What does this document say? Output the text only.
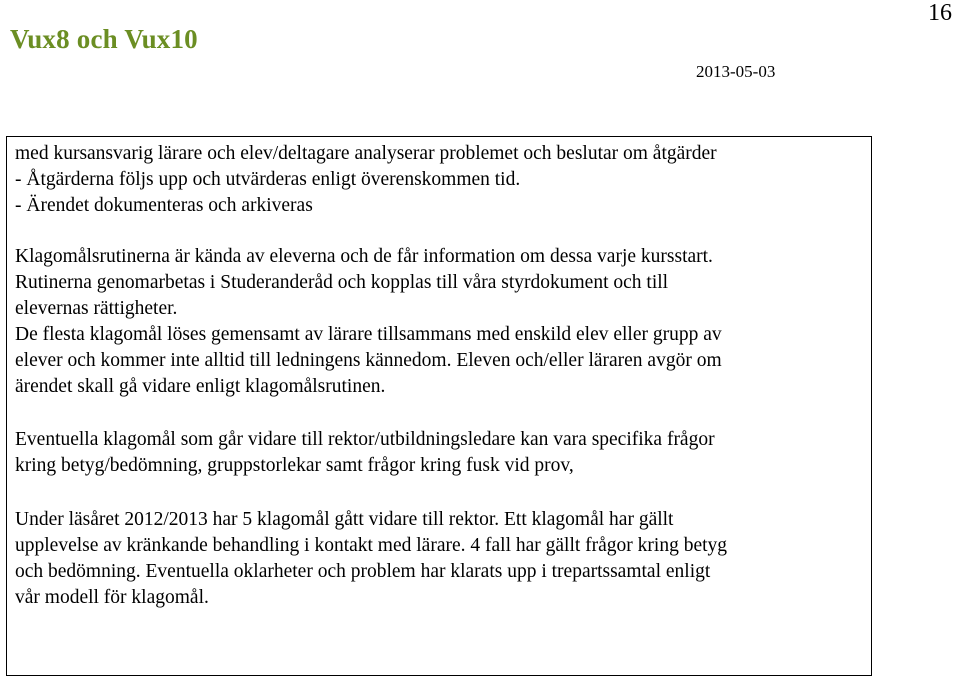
Vux8 och Vux10
16
2013-05-03
med kursansvarig lärare och elev/deltagare analyserar problemet och beslutar om åtgärder
- Åtgärderna följs upp och utvärderas enligt överenskommen tid.
- Ärendet dokumenteras och arkiveras
Klagomålsrutinerna är kända av eleverna och de får information om dessa varje kursstart.
Rutinerna genomarbetas i Studeranderåd och kopplas till våra styrdokument och till
elevernas rättigheter.
De flesta klagomål löses gemensamt av lärare tillsammans med enskild elev eller grupp av
elever och kommer inte alltid till ledningens kännedom. Eleven och/eller läraren avgör om
ärendet skall gå vidare enligt klagomålsrutinen.
Eventuella klagomål som går vidare till rektor/utbildningsledare kan vara specifika frågor
kring betyg/bedömning, gruppstorlekar samt frågor kring fusk vid prov,
Under läsåret 2012/2013 har 5 klagomål gått vidare till rektor. Ett klagomål har gällt
upplevelse av kränkande behandling i kontakt med lärare. 4 fall har gällt frågor kring betyg
och bedömning. Eventuella oklarheter och problem har klarats upp i trepartssamtal enligt
vår modell för klagomål.
